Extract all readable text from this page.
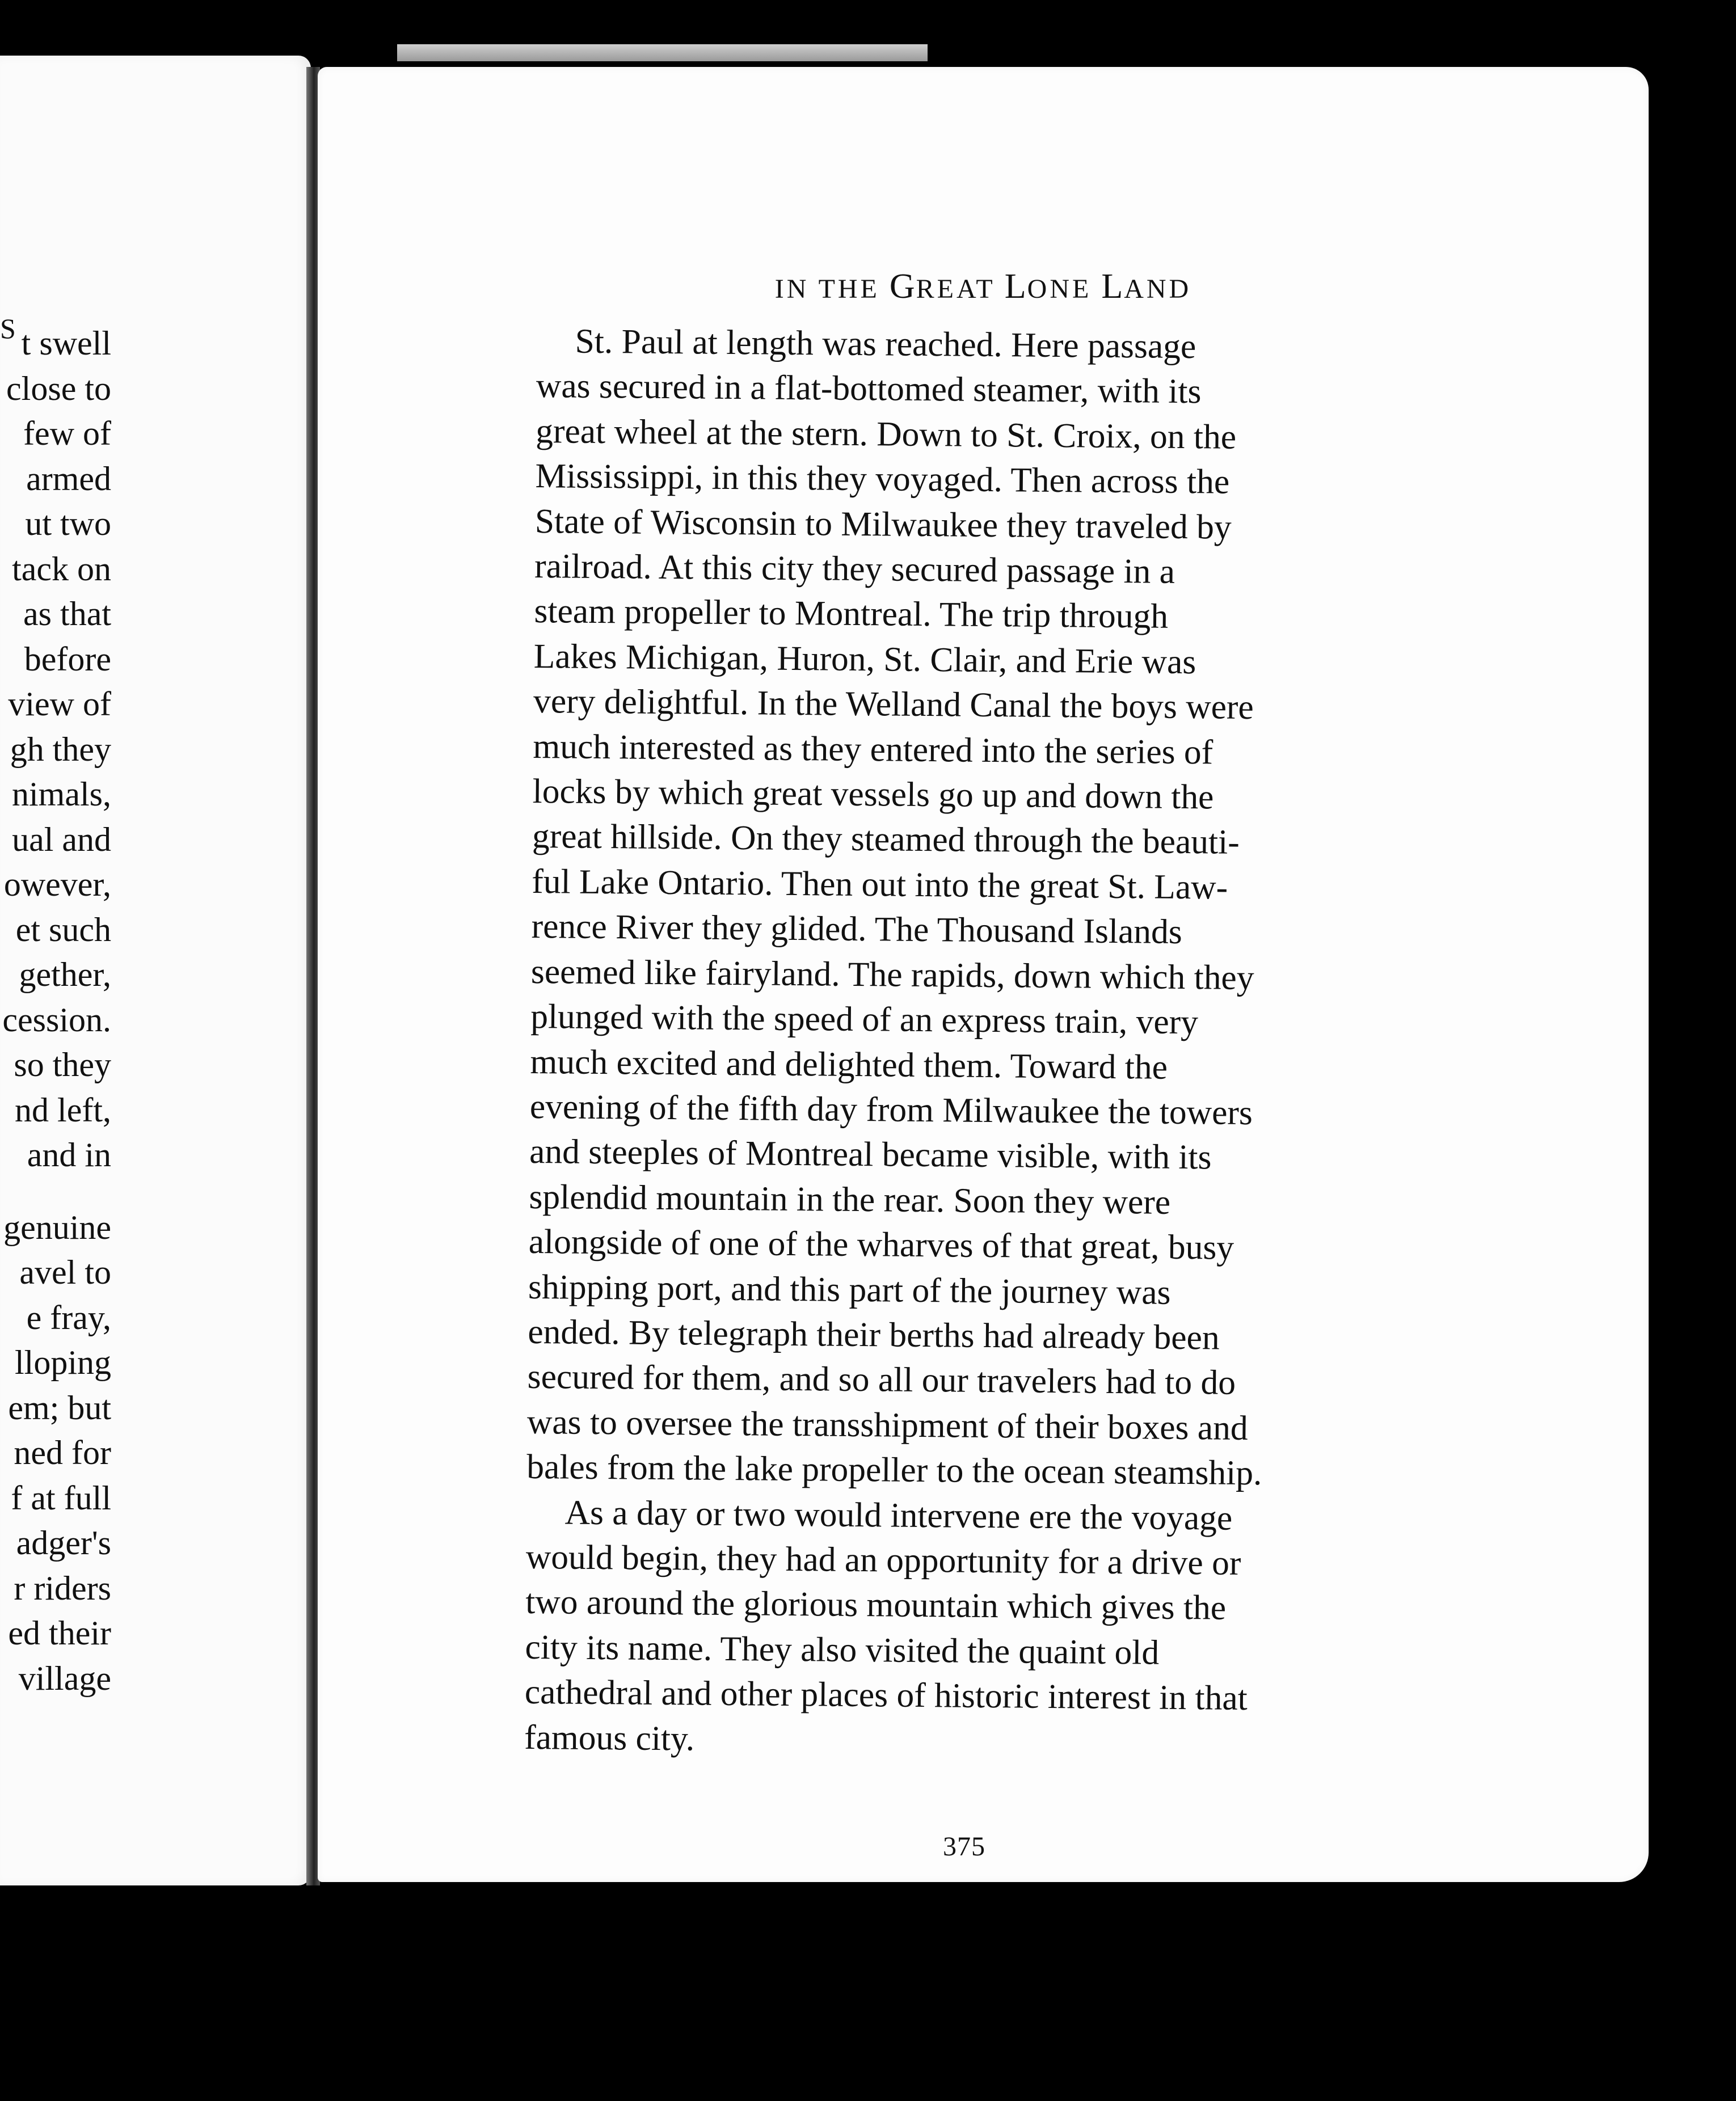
S t swell
close to
few of
armed
ut two
tack on
as that
before
view of
gh they
nimals,
ual and
owever,
et such
gether,
cession.
so they
nd left,
and in
genuine
avel to
e fray,
lloping
em; but
ned for
f at full
adger's
r riders
ed their
village
IN THE GREAT LONE LAND
St. Paul at length was reached. Here passage
was secured in a flat-bottomed steamer, with its
great wheel at the stern. Down to St. Croix, on the
Mississippi, in this they voyaged. Then across the
State of Wisconsin to Milwaukee they traveled by
railroad. At this city they secured passage in a
steam propeller to Montreal. The trip through
Lakes Michigan, Huron, St. Clair, and Erie was
very delightful. In the Welland Canal the boys were
much interested as they entered into the series of
locks by which great vessels go up and down the
great hillside. On they steamed through the beauti-
ful Lake Ontario. Then out into the great St. Law-
rence River they glided. The Thousand Islands
seemed like fairyland. The rapids, down which they
plunged with the speed of an express train, very
much excited and delighted them. Toward the
evening of the fifth day from Milwaukee the towers
and steeples of Montreal became visible, with its
splendid mountain in the rear. Soon they were
alongside of one of the wharves of that great, busy
shipping port, and this part of the journey was
ended. By telegraph their berths had already been
secured for them, and so all our travelers had to do
was to oversee the transshipment of their boxes and
bales from the lake propeller to the ocean steamship.
As a day or two would intervene ere the voyage
would begin, they had an opportunity for a drive or
two around the glorious mountain which gives the
city its name. They also visited the quaint old
cathedral and other places of historic interest in that
famous city.
375
